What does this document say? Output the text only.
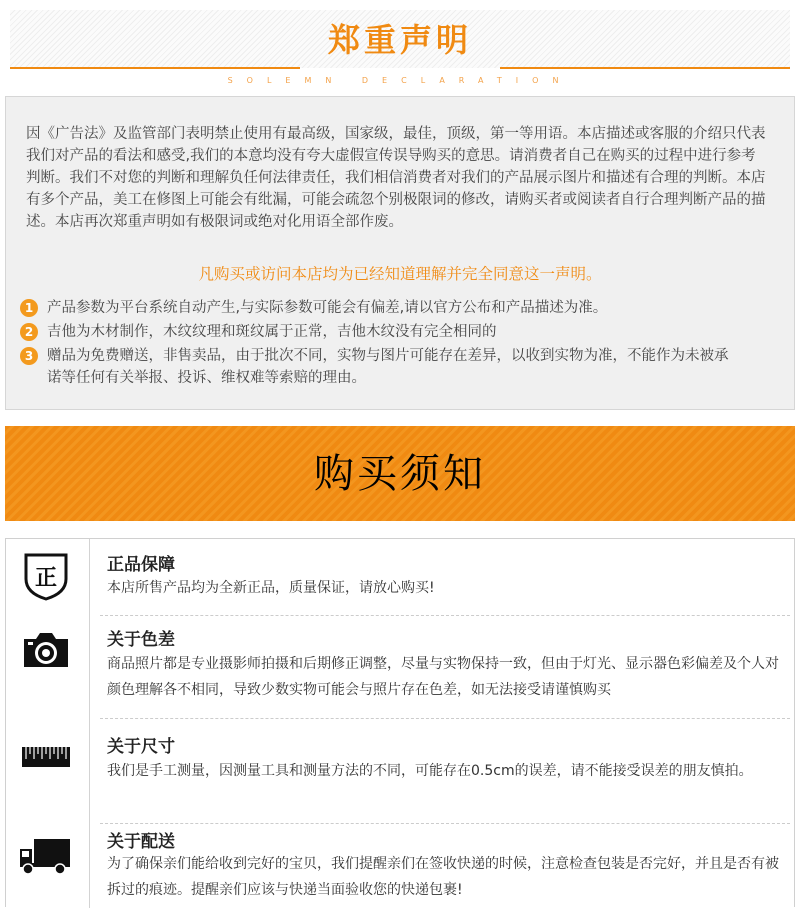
郑重声明
SOLEMN DECLARATION

因《广告法》及监管部门表明禁止使用有最高级，国家级，最佳，顶级，第一等用语。本店描述或客服的介绍只代表我们对产品的看法和感受,我们的本意均没有夸大虚假宣传误导购买的意思。请消费者自己在购买的过程中进行参考判断。我们不对您的判断和理解负任何法律责任，我们相信消费者对我们的产品展示图片和描述有合理的判断。本店有多个产品，美工在修图上可能会有纰漏，可能会疏忽个别极限词的修改，请购买者或阅读者自行合理判断产品的描述。本店再次郑重声明如有极限词或绝对化用语全部作废。

凡购买或访问本店均为已经知道理解并完全同意这一声明。
1 产品参数为平台系统自动产生,与实际参数可能会有偏差,请以官方公布和产品描述为准。
2 吉他为木材制作，木纹纹理和斑纹属于正常，吉他木纹没有完全相同的
3 赠品为免费赠送，非售卖品，由于批次不同，实物与图片可能存在差异，以收到实物为准，不能作为未被承诺等任何有关举报、投诉、维权难等索赔的理由。
购买须知
正
正品保障

本店所售产品均为全新正品，质量保证，请放心购买!

关于色差

商品照片都是专业摄影师拍摄和后期修正调整，尽量与实物保持一致，但由于灯光、显示器色彩偏差及个人对颜色理解各不相同，导致少数实物可能会与照片存在色差，如无法接受请谨慎购买

关于尺寸

我们是手工测量，因测量工具和测量方法的不同，可能存在0.5cm的误差，请不能接受误差的朋友慎拍。

关于配送

为了确保亲们能给收到完好的宝贝，我们提醒亲们在签收快递的时候，注意检查包装是否完好，并且是否有被拆过的痕迹。提醒亲们应该与快递当面验收您的快递包裹!
